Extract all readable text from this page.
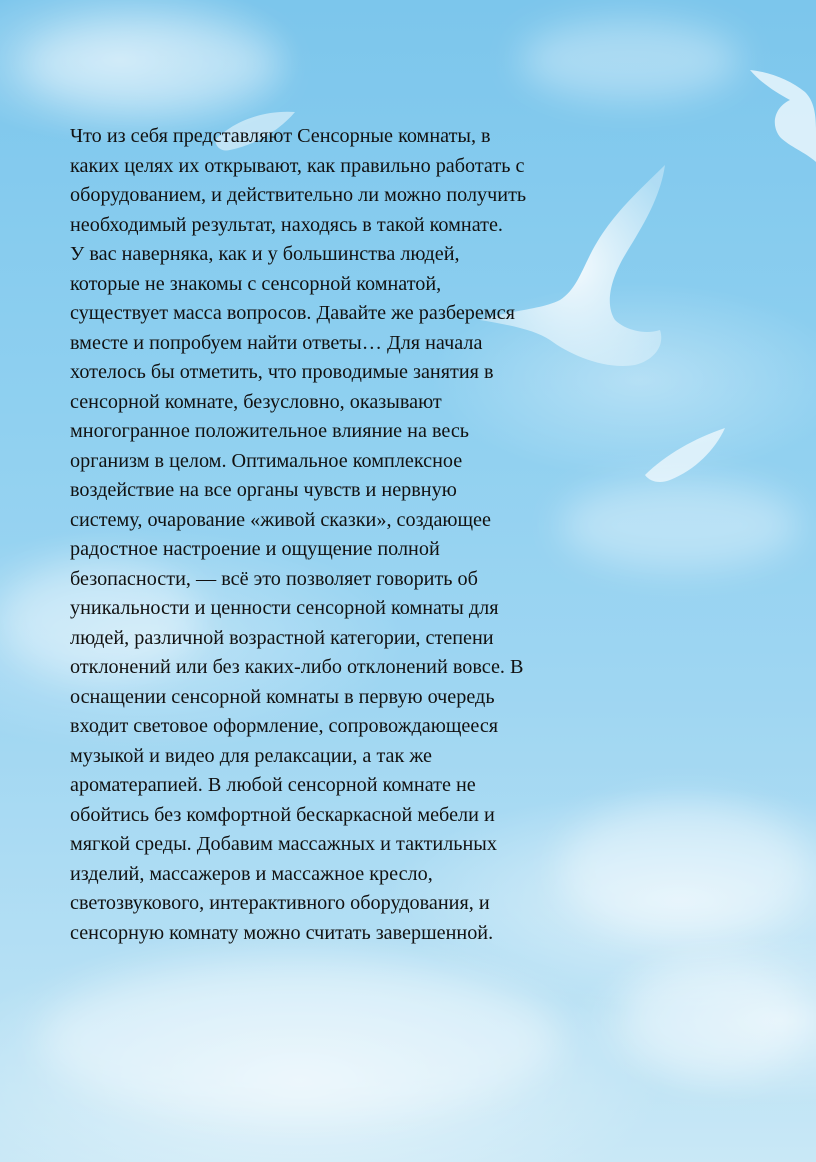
Что из себя представляют Сенсорные комнаты, в
каких целях их открывают, как правильно работать с
оборудованием, и действительно ли можно получить
необходимый результат, находясь в такой комнате.
У вас наверняка, как и у большинства людей,
которые не знакомы с сенсорной комнатой,
существует масса вопросов. Давайте же разберемся
вместе и попробуем найти ответы… Для начала
хотелось бы отметить, что проводимые занятия в
сенсорной комнате, безусловно, оказывают
многогранное положительное влияние на весь
организм в целом. Оптимальное комплексное
воздействие на все органы чувств и нервную
систему, очарование «живой сказки», создающее
радостное настроение и ощущение полной
безопасности, — всё это позволяет говорить об
уникальности и ценности сенсорной комнаты для
людей, различной возрастной категории, степени
отклонений или без каких-либо отклонений вовсе. В
оснащении сенсорной комнаты в первую очередь
входит световое оформление, сопровождающееся
музыкой и видео для релаксации, а так же
ароматерапией. В любой сенсорной комнате не
обойтись без комфортной бескаркасной мебели и
мягкой среды. Добавим массажных и тактильных
изделий, массажеров и массажное кресло,
светозвукового, интерактивного оборудования, и
сенсорную комнату можно считать завершенной.
